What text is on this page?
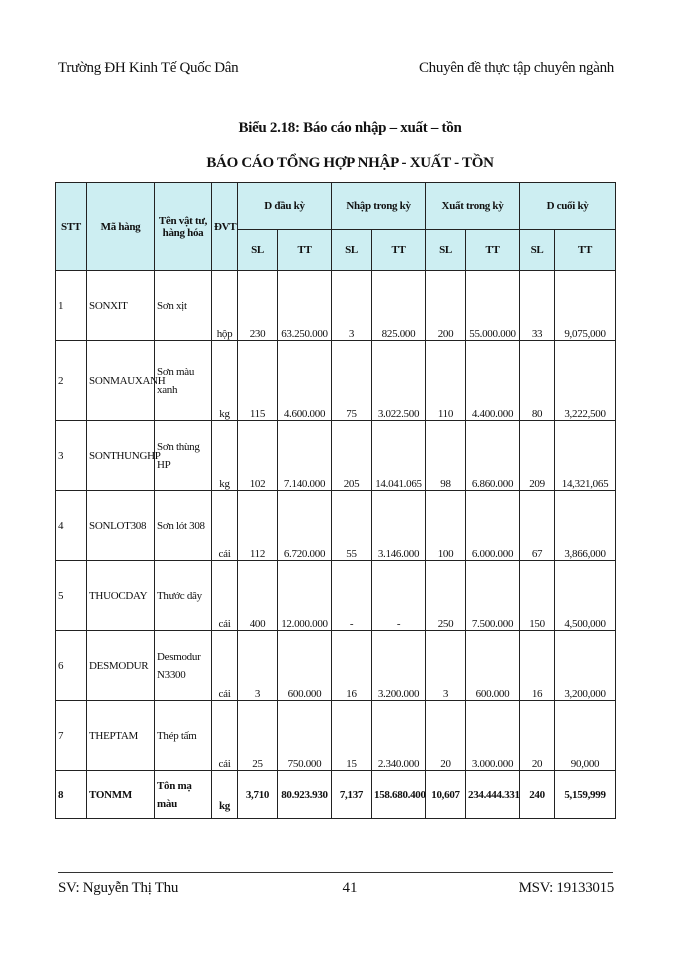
Trường ĐH Kinh Tế Quốc Dân	Chuyên đề thực tập chuyên ngành
Biểu 2.18: Báo cáo nhập – xuất – tồn
BÁO CÁO TỔNG HỢP NHẬP - XUẤT - TỒN
STT	Mã hàng	Tên vật tư, hàng hóa	ĐVT	D đầu kỳ		Nhập trong kỳ		Xuất trong kỳ		D cuối kỳ	
				SL	TT	SL	TT	SL	TT	SL	TT
1	SONXIT	Sơn xịt	hộp	230	63.250.000	3	825.000	200	55.000.000	33	9,075,000
2	SONMAUXANH	Sơn màu xanh	kg	115	4.600.000	75	3.022.500	110	4.400.000	80	3,222,500
3	SONTHUNGHP	Sơn thùng HP	kg	102	7.140.000	205	14.041.065	98	6.860.000	209	14,321,065
4	SONLOT308	Sơn lót 308	cái	112	6.720.000	55	3.146.000	100	6.000.000	67	3,866,000
5	THUOCDAY	Thước dây	cái	400	12.000.000	-	-	250	7.500.000	150	4,500,000
6	DESMODUR	Desmodur N3300	cái	3	600.000	16	3.200.000	3	600.000	16	3,200,000
7	THEPTAM	Thép tấm	cái	25	750.000	15	2.340.000	20	3.000.000	20	90,000
8	TONMM	Tôn mạ màu	kg	3,710	80.923.930	7,137	158.680.400	10,607	234.444.331	240	5,159,999
SV: Nguyễn Thị Thu	41	MSV: 19133015
